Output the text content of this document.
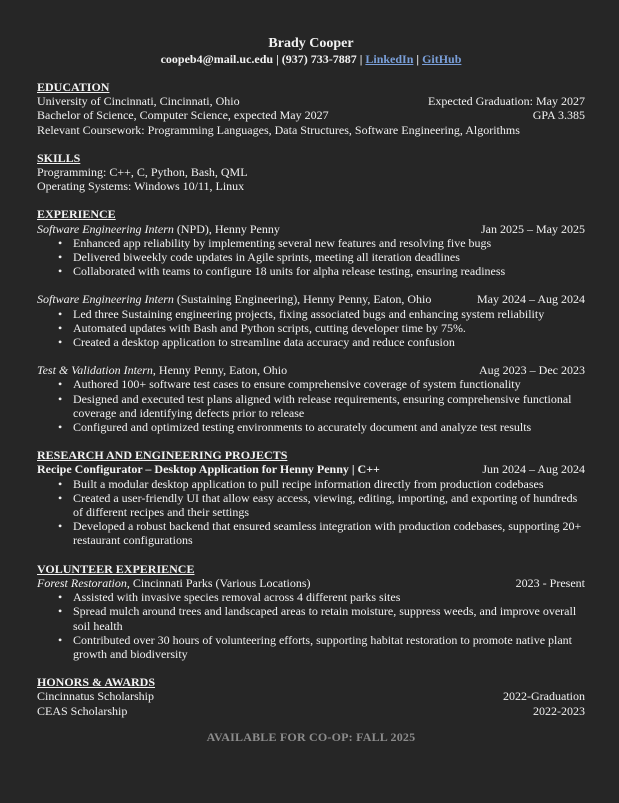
Brady Cooper
coopeb4@mail.uc.edu | (937) 733-7887 | LinkedIn | GitHub
EDUCATION
University of Cincinnati, Cincinnati, Ohio	Expected Graduation: May 2027
Bachelor of Science, Computer Science, expected May 2027	GPA 3.385
Relevant Coursework: Programming Languages, Data Structures, Software Engineering, Algorithms
SKILLS
Programming: C++, C, Python, Bash, QML
Operating Systems: Windows 10/11, Linux
EXPERIENCE
Software Engineering Intern (NPD), Henny Penny	Jan 2025 – May 2025
• Enhanced app reliability by implementing several new features and resolving five bugs
• Delivered biweekly code updates in Agile sprints, meeting all iteration deadlines
• Collaborated with teams to configure 18 units for alpha release testing, ensuring readiness
Software Engineering Intern (Sustaining Engineering), Henny Penny, Eaton, Ohio	May 2024 – Aug 2024
• Led three Sustaining engineering projects, fixing associated bugs and enhancing system reliability
• Automated updates with Bash and Python scripts, cutting developer time by 75%.
• Created a desktop application to streamline data accuracy and reduce confusion
Test & Validation Intern, Henny Penny, Eaton, Ohio	Aug 2023 – Dec 2023
• Authored 100+ software test cases to ensure comprehensive coverage of system functionality
• Designed and executed test plans aligned with release requirements, ensuring comprehensive functional coverage and identifying defects prior to release
• Configured and optimized testing environments to accurately document and analyze test results
RESEARCH AND ENGINEERING PROJECTS
Recipe Configurator – Desktop Application for Henny Penny | C++	Jun 2024 – Aug 2024
• Built a modular desktop application to pull recipe information directly from production codebases
• Created a user-friendly UI that allow easy access, viewing, editing, importing, and exporting of hundreds of different recipes and their settings
• Developed a robust backend that ensured seamless integration with production codebases, supporting 20+ restaurant configurations
VOLUNTEER EXPERIENCE
Forest Restoration, Cincinnati Parks (Various Locations)	2023 - Present
• Assisted with invasive species removal across 4 different parks sites
• Spread mulch around trees and landscaped areas to retain moisture, suppress weeds, and improve overall soil health
• Contributed over 30 hours of volunteering efforts, supporting habitat restoration to promote native plant growth and biodiversity
HONORS & AWARDS
Cincinnatus Scholarship	2022-Graduation
CEAS Scholarship	2022-2023
AVAILABLE FOR CO-OP: FALL 2025
